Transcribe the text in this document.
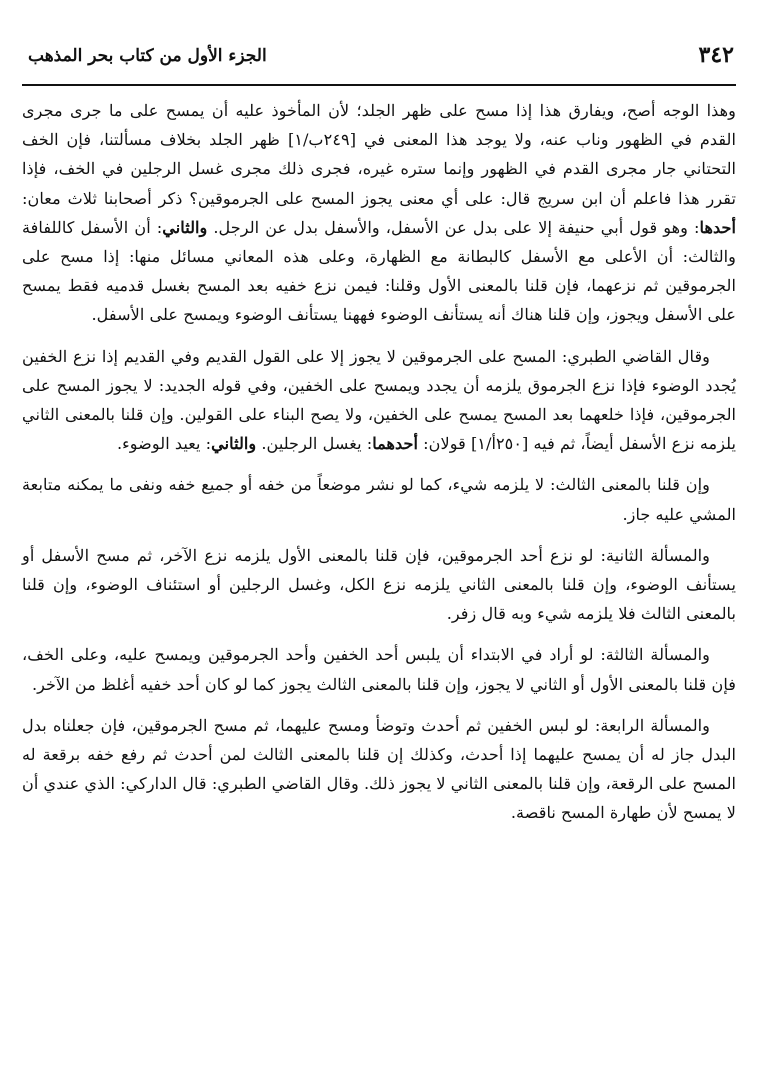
٣٤٢
الجزء الأول من كتاب بحر المذهب

وهذا الوجه أصح، ويفارق هذا إذا مسح على ظهر الجلد؛ لأن المأخوذ عليه أن يمسح على ما جرى مجرى القدم في الظهور وناب عنه، ولا يوجد هذا المعنى في [٢٤٩ب/١] ظهر الجلد بخلاف مسألتنا، فإن الخف التحتاني جار مجرى القدم في الظهور وإنما ستره غيره، فجرى ذلك مجرى غسل الرجلين في الخف، فإذا تقرر هذا فاعلم أن ابن سريج قال: على أي معنى يجوز المسح على الجرموقين؟ ذكر أصحابنا ثلاث معان: أحدها: وهو قول أبي حنيفة إلا على بدل عن الأسفل، والأسفل بدل عن الرجل. والثاني: أن الأسفل كاللفافة والثالث: أن الأعلى مع الأسفل كالبطانة مع الظهارة، وعلى هذه المعاني مسائل منها: إذا مسح على الجرموقين ثم نزعهما، فإن قلنا بالمعنى الأول وقلنا: فيمن نزع خفيه بعد المسح بغسل قدميه فقط يمسح على الأسفل ويجوز، وإن قلنا هناك أنه يستأنف الوضوء فههنا يستأنف الوضوء ويمسح على الأسفل.

وقال القاضي الطبري: المسح على الجرموقين لا يجوز إلا على القول القديم وفي القديم إذا نزع الخفين يُجدد الوضوء فإذا نزع الجرموق يلزمه أن يجدد ويمسح على الخفين، وفي قوله الجديد: لا يجوز المسح على الجرموقين، فإذا خلعهما بعد المسح يمسح على الخفين، ولا يصح البناء على القولين. وإن قلنا بالمعنى الثاني يلزمه نزع الأسفل أيضاً، ثم فيه [٢٥٠أ/١] قولان: أحدهما: يغسل الرجلين. والثاني: يعيد الوضوء.

وإن قلنا بالمعنى الثالث: لا يلزمه شيء، كما لو نشر موضعاً من خفه أو جميع خفه ونفى ما يمكنه متابعة المشي عليه جاز.

والمسألة الثانية: لو نزع أحد الجرموقين، فإن قلنا بالمعنى الأول يلزمه نزع الآخر، ثم مسح الأسفل أو يستأنف الوضوء، وإن قلنا بالمعنى الثاني يلزمه نزع الكل، وغسل الرجلين أو استئناف الوضوء، وإن قلنا بالمعنى الثالث فلا يلزمه شيء وبه قال زفر.

والمسألة الثالثة: لو أراد في الابتداء أن يلبس أحد الخفين وأحد الجرموقين ويمسح عليه، وعلى الخف، فإن قلنا بالمعنى الأول أو الثاني لا يجوز، وإن قلنا بالمعنى الثالث يجوز كما لو كان أحد خفيه أغلظ من الآخر.

والمسألة الرابعة: لو لبس الخفين ثم أحدث وتوضأ ومسح عليهما، ثم مسح الجرموقين، فإن جعلناه بدل البدل جاز له أن يمسح عليهما إذا أحدث، وكذلك إن قلنا بالمعنى الثالث لمن أحدث ثم رفع خفه برقعة له المسح على الرقعة، وإن قلنا بالمعنى الثاني لا يجوز ذلك. وقال القاضي الطبري: قال الداركي: الذي عندي أن لا يمسح لأن طهارة المسح ناقصة.
